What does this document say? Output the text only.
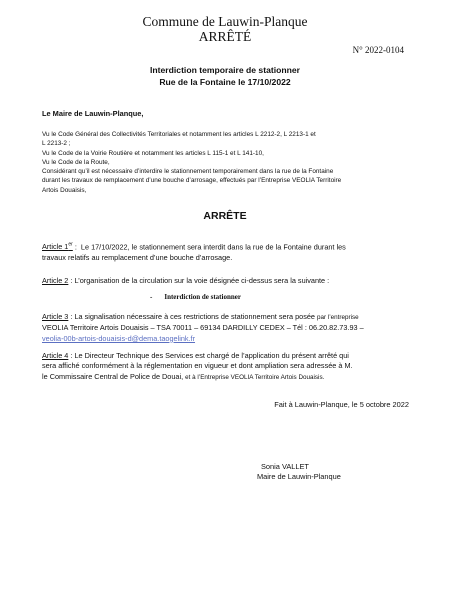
Commune de Lauwin-Planque
ARRÊTÉ
N° 2022-0104
Interdiction temporaire de stationner
Rue de la Fontaine le 17/10/2022
Le Maire de Lauwin-Planque,
Vu le Code Général des Collectivités Territoriales et notamment les articles L 2212-2, L 2213-1 et
L 2213-2 ;
Vu le Code de la Voirie Routière et notamment les articles L 115-1 et L 141-10,
Vu le Code de la Route,
Considérant qu’il est nécessaire d’interdire le stationnement temporairement dans la rue de la Fontaine
durant les travaux de remplacement d’une bouche d’arrosage, effectués par l’Entreprise VEOLIA Territoire
Artois Douaisis,
ARRÊTE
Article 1er :  Le 17/10/2022, le stationnement sera interdit dans la rue de la Fontaine durant les
travaux relatifs au remplacement d’une bouche d’arrosage.
Article 2 : L’organisation de la circulation sur la voie désignée ci-dessus sera la suivante :
- Interdiction de stationner
Article 3 : La signalisation nécessaire à ces restrictions de stationnement sera posée par l’entreprise
VEOLIA Territoire Artois Douaisis – TSA 70011 – 69134 DARDILLY CEDEX – Tél : 06.20.82.73.93 –
veolia-00b-artois-douaisis-d@dema.taogelink.fr
Article 4 : Le Directeur Technique des Services est chargé de l’application du présent arrêté qui
sera affiché conformément à la réglementation en vigueur et dont ampliation sera adressée à M.
le Commissaire Central de Police de Douai, et à l’Entreprise VEOLIA Territoire Artois Douaisis.
Fait à Lauwin-Planque, le 5 octobre 2022
Sonia VALLET
Maire de Lauwin-Planque
